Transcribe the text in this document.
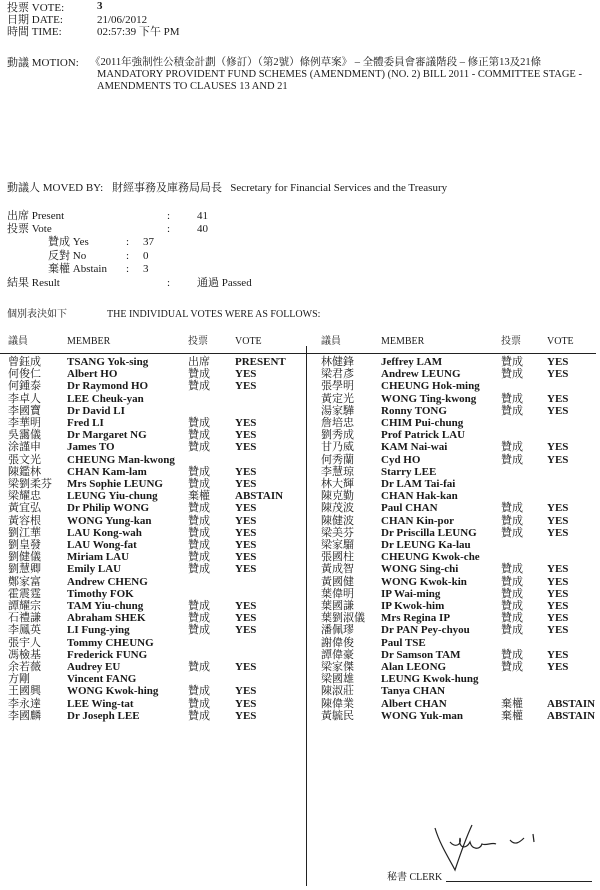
投票 VOTE:	3
日期 DATE:	21/06/2012
時間 TIME:	02:57:39 下午 PM
動議 MOTION: 《2011年強制性公積金計劃（修訂）（第2號）條例草案》 – 全體委員會審議階段 – 修正第13及21條
MANDATORY PROVIDENT FUND SCHEMES (AMENDMENT) (NO. 2) BILL 2011 - COMMITTEE STAGE -
AMENDMENTS TO CLAUSES 13 AND 21
動議人 MOVED BY: 財經事務及庫務局局長   Secretary for Financial Services and the Treasury
出席 Present	: 41
投票 Vote	: 40
贊成 Yes	: 37
反對 No	: 0
棄權 Abstain : 3
結果 Result	: 通過 Passed
個別表決如下	THE INDIVIDUAL VOTES WERE AS FOLLOWS:
議員	MEMBER	投票	VOTE	議員	MEMBER	投票	VOTE
曾鈺成 TSANG Yok-sing	出席 PRESENT
何俊仁 Albert HO	贊成 YES
何鍾泰 Dr Raymond HO	贊成 YES
李卓人 LEE Cheuk-yan
李國寶 Dr David LI
李華明 Fred LI	贊成 YES
吳靄儀 Dr Margaret NG	贊成 YES
涂謹申 James TO	贊成 YES
張文光 CHEUNG Man-kwong
陳鑑林 CHAN Kam-lam	贊成 YES
梁劉柔芬 Mrs Sophie LEUNG 贊成 YES
梁耀忠 LEUNG Yiu-chung	棄權 ABSTAIN
黃宜弘 Dr Philip WONG	贊成 YES
黃容根 WONG Yung-kan	贊成 YES
劉江華 LAU Kong-wah	贊成 YES
劉皇發 LAU Wong-fat	贊成 YES
劉健儀 Miriam LAU	贊成 YES
劉慧卿 Emily LAU	贊成 YES
鄭家富 Andrew CHENG
霍震霆 Timothy FOK
譚耀宗 TAM Yiu-chung	贊成 YES
石禮謙 Abraham SHEK	贊成 YES
李鳳英 LI Fung-ying	贊成 YES
張宇人 Tommy CHEUNG
馮檢基 Frederick FUNG
余若薇 Audrey EU	贊成 YES
方剛	Vincent FANG
王國興 WONG Kwok-hing	贊成 YES
李永達 LEE Wing-tat	贊成 YES
李國麟 Dr Joseph LEE	贊成 YES
林健鋒 Jeffrey LAM	贊成 YES
梁君彥 Andrew LEUNG	贊成 YES
張學明 CHEUNG Hok-ming
黃定光 WONG Ting-kwong 贊成 YES
湯家驊 Ronny TONG	贊成 YES
詹培忠 CHIM Pui-chung
劉秀成 Prof Patrick LAU
甘乃威 KAM Nai-wai	贊成 YES
何秀蘭 Cyd HO	贊成 YES
李慧琼 Starry LEE
林大輝 Dr LAM Tai-fai
陳克勤 CHAN Hak-kan
陳茂波 Paul CHAN	贊成 YES
陳健波 CHAN Kin-por	贊成 YES
梁美芬 Dr Priscilla LEUNG 贊成 YES
梁家騮 Dr LEUNG Ka-lau
張國柱 CHEUNG Kwok-che
黃成智 WONG Sing-chi	贊成 YES
黃國健 WONG Kwok-kin	贊成 YES
葉偉明 IP Wai-ming	贊成 YES
葉國謙 IP Kwok-him	贊成 YES
葉劉淑儀 Mrs Regina IP	贊成 YES
潘佩璆 Dr PAN Pey-chyou	贊成 YES
謝偉俊 Paul TSE
譚偉豪 Dr Samson TAM	贊成 YES
梁家傑 Alan LEONG	贊成 YES
梁國雄 LEUNG Kwok-hung
陳淑莊 Tanya CHAN
陳偉業 Albert CHAN	棄權 ABSTAIN
黃毓民 WONG Yuk-man	棄權 ABSTAIN
秘書 CLERK
